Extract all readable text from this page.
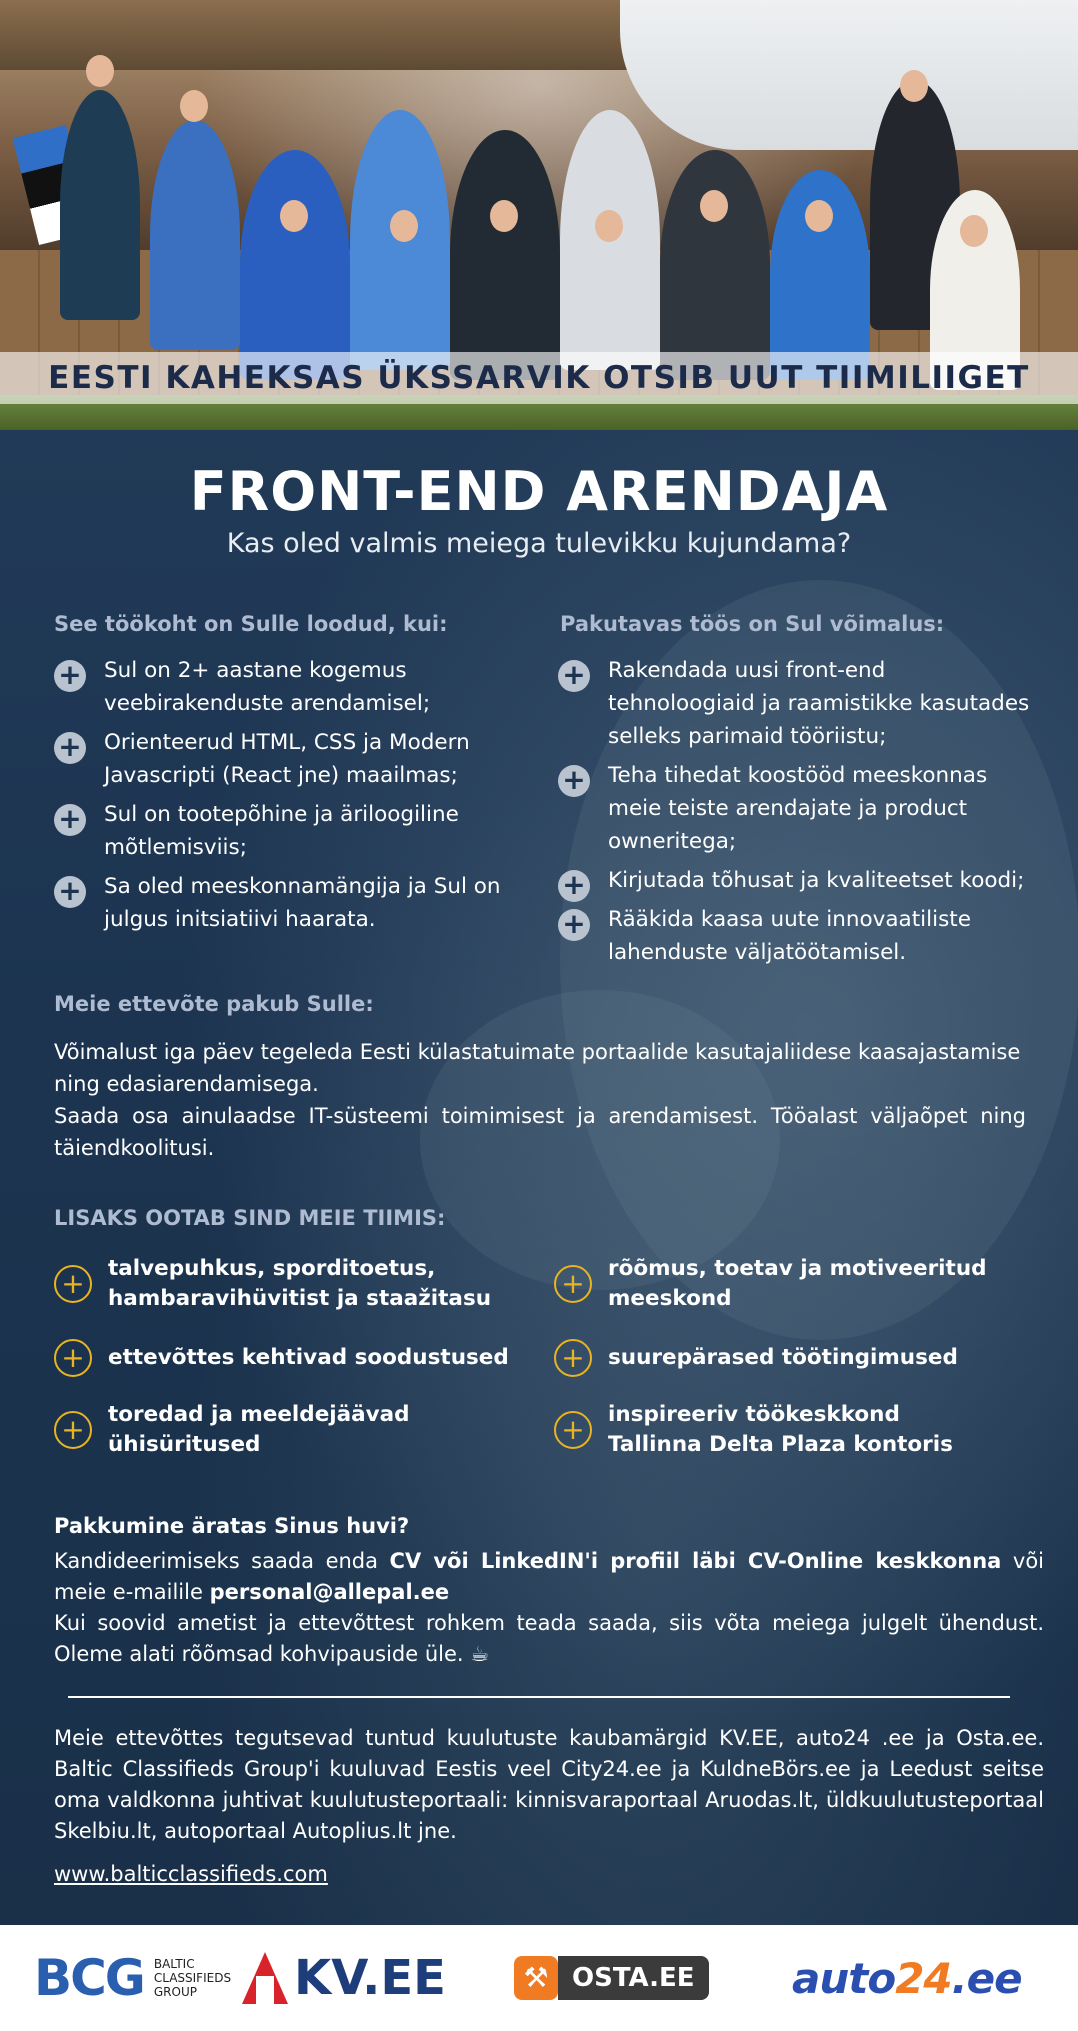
EESTI KAHEKSAS ÜKSSARVIK OTSIB UUT TIIMILIIGET
FRONT-END ARENDAJA
Kas oled valmis meiega tulevikku kujundama?
See töökoht on Sulle loodud, kui:
+ Sul on 2+ aastane kogemus veebirakenduste arendamisel;
+ Orienteerud HTML, CSS ja Modern Javascripti (React jne) maailmas;
+ Sul on tootepõhine ja äriloogiline mõtlemisviis;
+ Sa oled meeskonnamängija ja Sul on julgus initsiatiivi haarata.
Pakutavas töös on Sul võimalus:
+ Rakendada uusi front-end tehnoloogiaid ja raamistikke kasutades selleks parimaid tööriistu;
+ Teha tihedat koostööd meeskonnas meie teiste arendajate ja product owneritega;
+ Kirjutada tõhusat ja kvaliteetset koodi;
+ Rääkida kaasa uute innovaatiliste lahenduste väljatöötamisel.
Meie ettevõte pakub Sulle:
Võimalust iga päev tegeleda Eesti külastatuimate portaalide kasutajaliidese kaasajastamise ning edasiarendamisega.
Saada osa ainulaadse IT-süsteemi toimimisest ja arendamisest. Tööalast väljaõpet ning täiendkoolitusi.
LISAKS OOTAB SIND MEIE TIIMIS:
+	talvepuhkus, sporditoetus, hambaravihüvitist ja staažitasu	+	rõõmus, toetav ja motiveeritud meeskond
+	ettevõttes kehtivad soodustused +	suurepärased töötingimused
+	toredad ja meeldejäävad ühisüritused	+	inspireeriv töökeskkond Tallinna Delta Plaza kontoris
Pakkumine äratas Sinus huvi?
Kandideerimiseks saada enda CV või LinkedIN'i profiil läbi CV-Online keskkonna või meie e-mailile personal@allepal.ee
Kui soovid ametist ja ettevõttest rohkem teada saada, siis võta meiega julgelt ühendust. Oleme alati rõõmsad kohvipauside üle. ☕
Meie ettevõttes tegutsevad tuntud kuulutuste kaubamärgid KV.EE, auto24 .ee ja Osta.ee. Baltic Classifieds Group'i kuuluvad Eestis veel City24.ee ja KuldneBörs.ee ja Leedust seitse oma valdkonna juhtivat kuulutusteportaali: kinnisvaraportaal Aruodas.lt, üldkuulutusteportaal Skelbiu.lt, autoportaal Autoplius.lt jne.
www.balticclassifieds.com
BCG BALTIC CLASSIFIEDS GROUP	KV.EE	⚒ OSTA.EE	auto24.ee
